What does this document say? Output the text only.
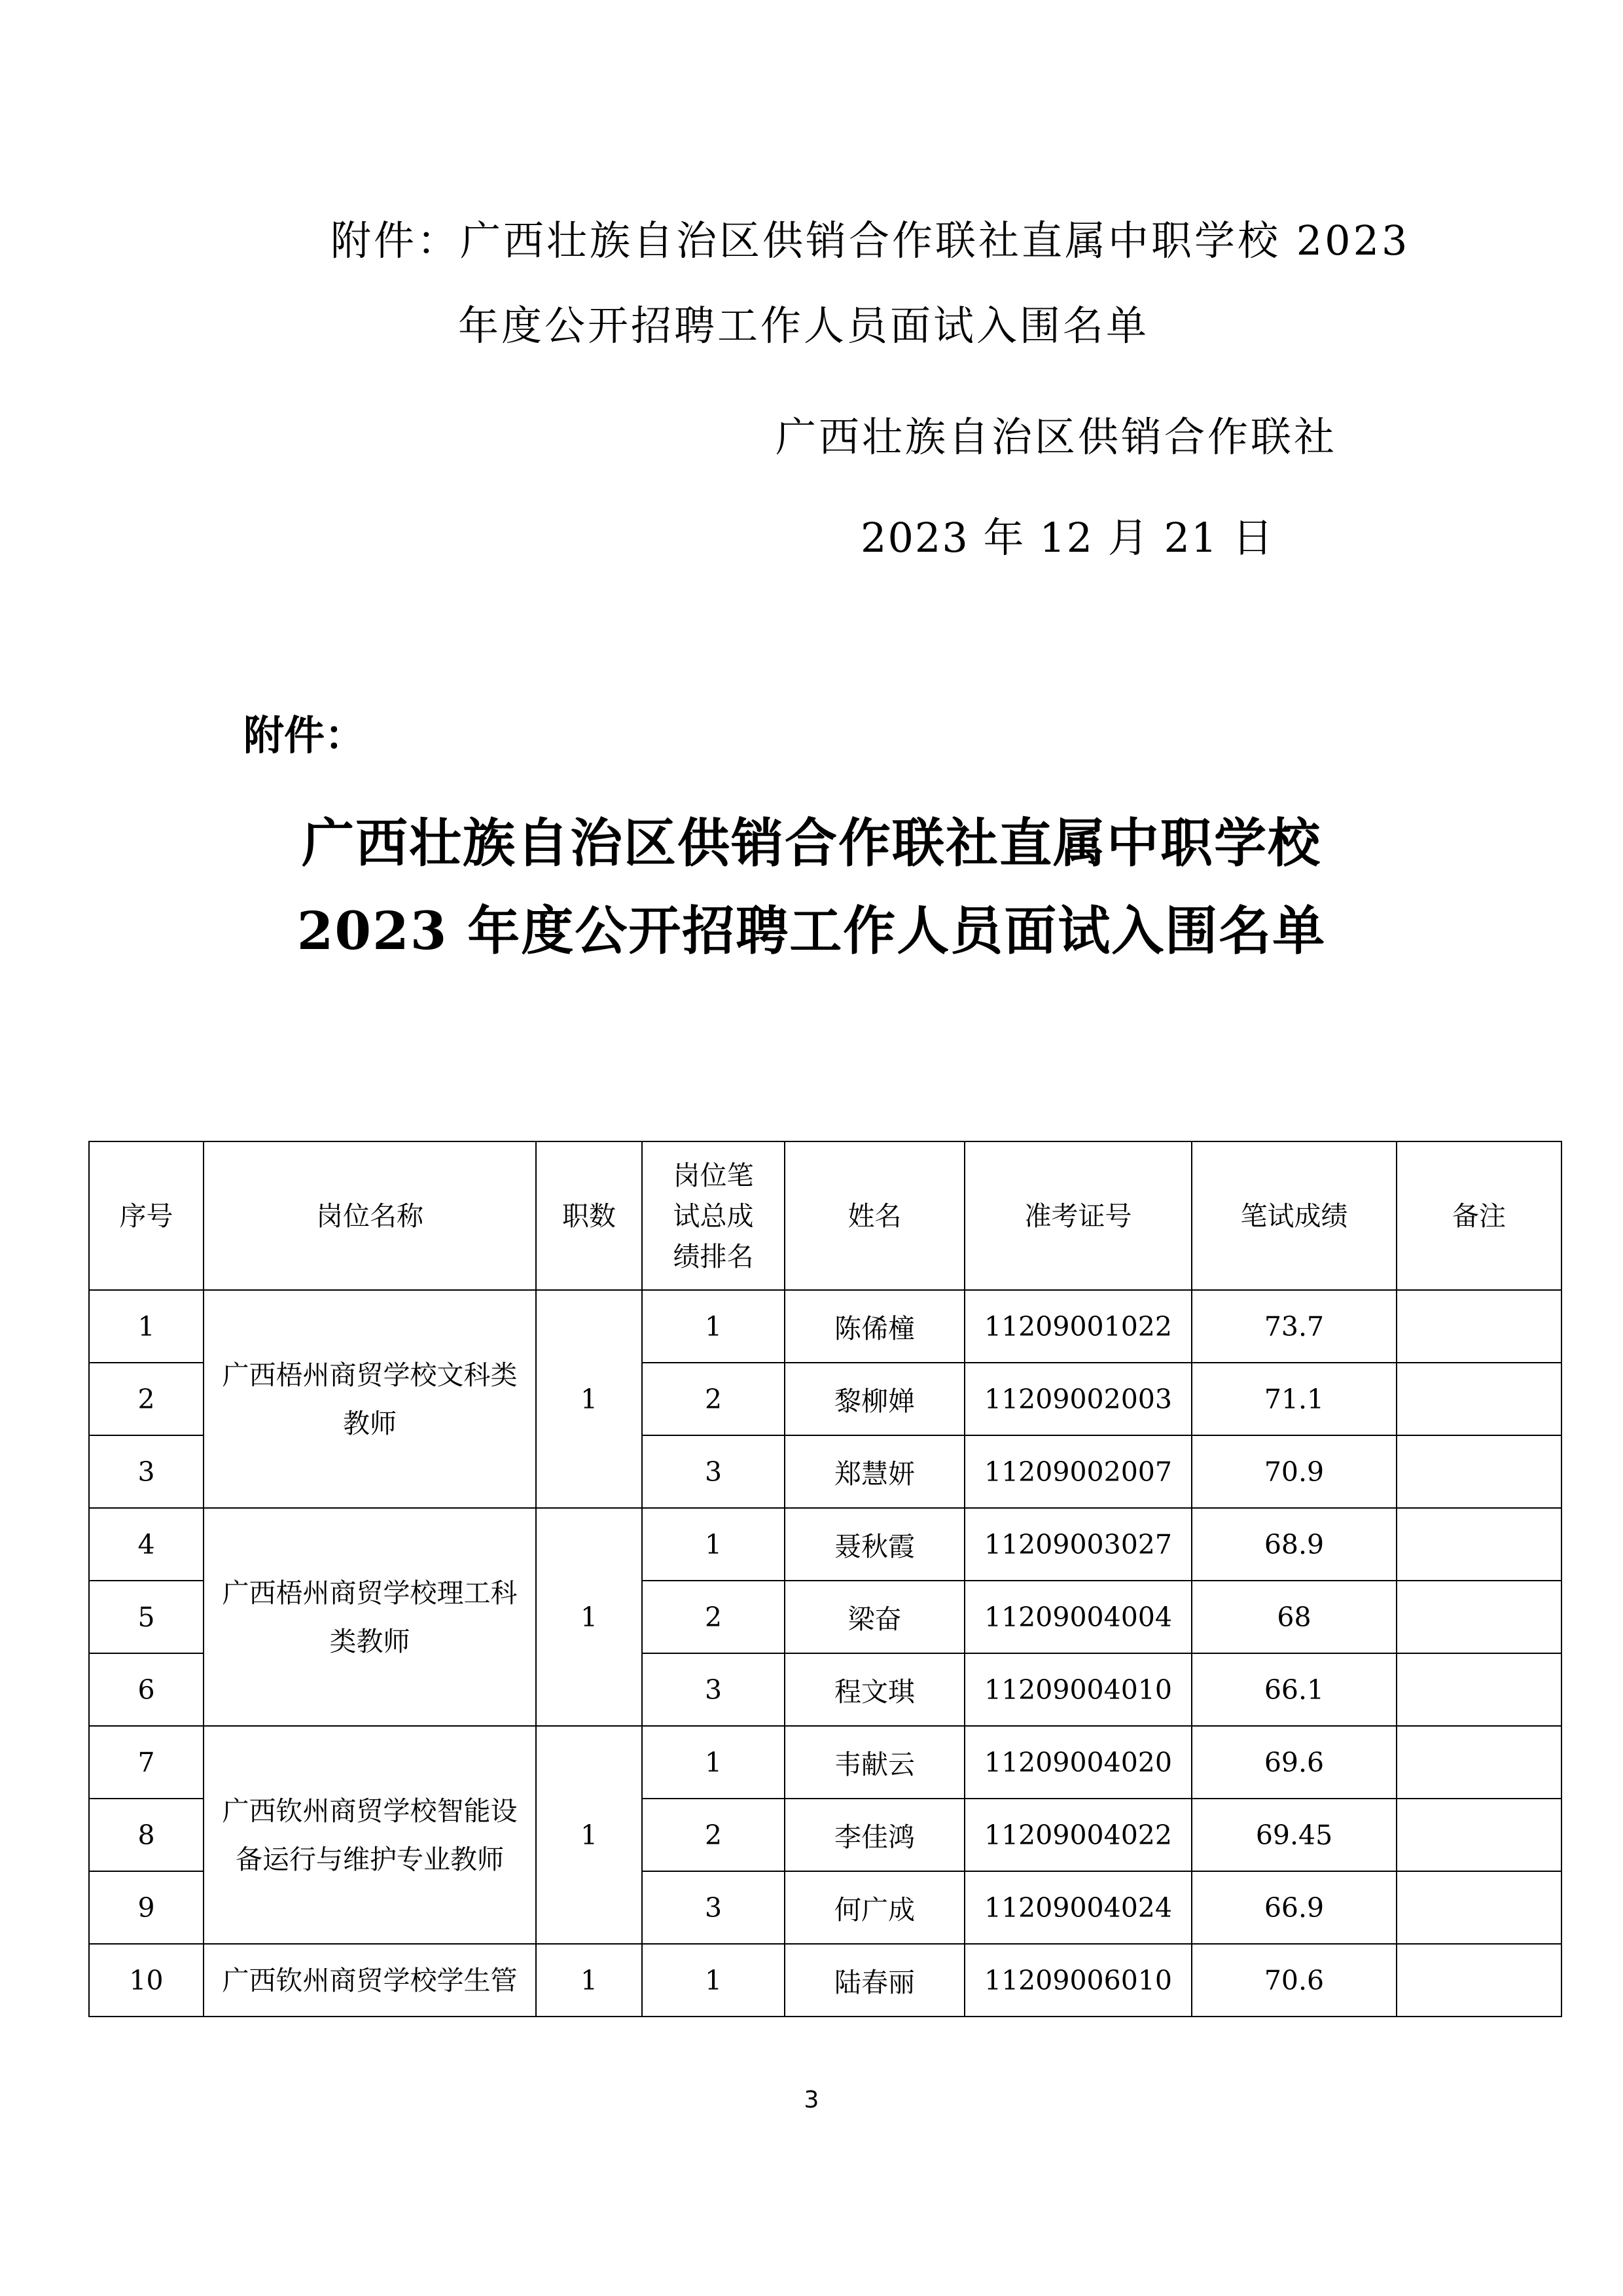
附件：广西壮族自治区供销合作联社直属中职学校 2023
年度公开招聘工作人员面试入围名单
广西壮族自治区供销合作联社
2023 年 12 月 21 日
附件：
广西壮族自治区供销合作联社直属中职学校
2023 年度公开招聘工作人员面试入围名单
序号	岗位名称	职数	岗位笔
试总成
绩排名	姓名	准考证号	笔试成绩	备注
1	广西梧州商贸学校文科类
教师	1	1	陈俙橦	11209001022	73.7	
2			2	黎柳婵	11209002003	71.1	
3			3	郑慧妍	11209002007	70.9	
4	广西梧州商贸学校理工科
类教师	1	1	聂秋霞	11209003027	68.9	
5			2	梁奋	11209004004	68	
6			3	程文琪	11209004010	66.1	
7	广西钦州商贸学校智能设
备运行与维护专业教师	1	1	韦献云	11209004020	69.6	
8			2	李佳鸿	11209004022	69.45	
9			3	何广成	11209004024	66.9	
10	广西钦州商贸学校学生管	1	1	陆春丽	11209006010	70.6	
3
